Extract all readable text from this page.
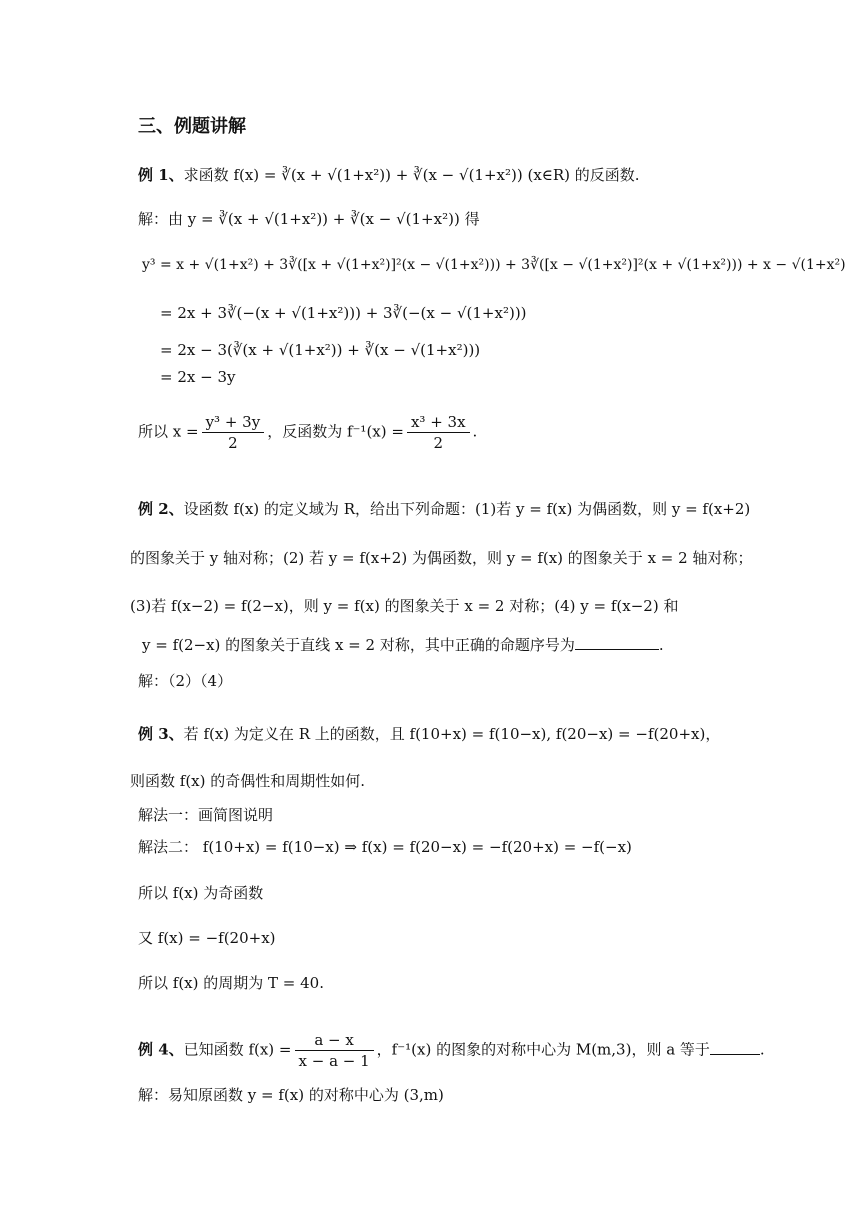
三、例题讲解
例 1、求函数 f(x) = ∛(x + √(1+x²)) + ∛(x − √(1+x²)) (x∈R) 的反函数.
解：由 y = ∛(x + √(1+x²)) + ∛(x − √(1+x²)) 得
y³ = x + √(1+x²) + 3∛([x + √(1+x²)]²(x − √(1+x²))) + 3∛([x − √(1+x²)]²(x + √(1+x²))) + x − √(1+x²)
= 2x + 3∛(−(x + √(1+x²))) + 3∛(−(x − √(1+x²)))
= 2x − 3(∛(x + √(1+x²)) + ∛(x − √(1+x²)))
= 2x − 3y
所以 $x = \frac{\text{y³ + 3y}}{2}$ ，反函数为 $f^{-1}(x) = \frac{\text{x³ + 3x}}{2}$ .
例 2、设函数 f(x) 的定义域为 R，给出下列命题：(1)若 y = f(x) 为偶函数，则 y = f(x+2)
的图象关于 y 轴对称；(2) 若 y = f(x+2) 为偶函数，则 y = f(x) 的图象关于 x = 2 轴对称；
(3)若 f(x−2) = f(2−x)，则 y = f(x) 的图象关于 x = 2 对称；(4) y = f(x−2) 和
y = f(2−x) 的图象关于直线 x = 2 对称，其中正确的命题序号为	.
解：（2）（4）
例 3、若 f(x) 为定义在 R 上的函数，且 f(10+x) = f(10−x), f(20−x) = −f(20+x)，
则函数 f(x) 的奇偶性和周期性如何.
解法一：画简图说明
解法二： f(10+x) = f(10−x) ⇒ f(x) = f(20−x) = −f(20+x) = −f(−x)
所以 f(x) 为奇函数
又 f(x) = −f(20+x)
所以 f(x) 的周期为 T = 40.
例 4、已知函数 $f(x) = \frac{a - x}{x - a - 1}$ ，f⁻¹(x) 的图象的对称中心为 M(m,3)，则 a 等于	.
解：易知原函数 y = f(x) 的对称中心为 (3,m)
